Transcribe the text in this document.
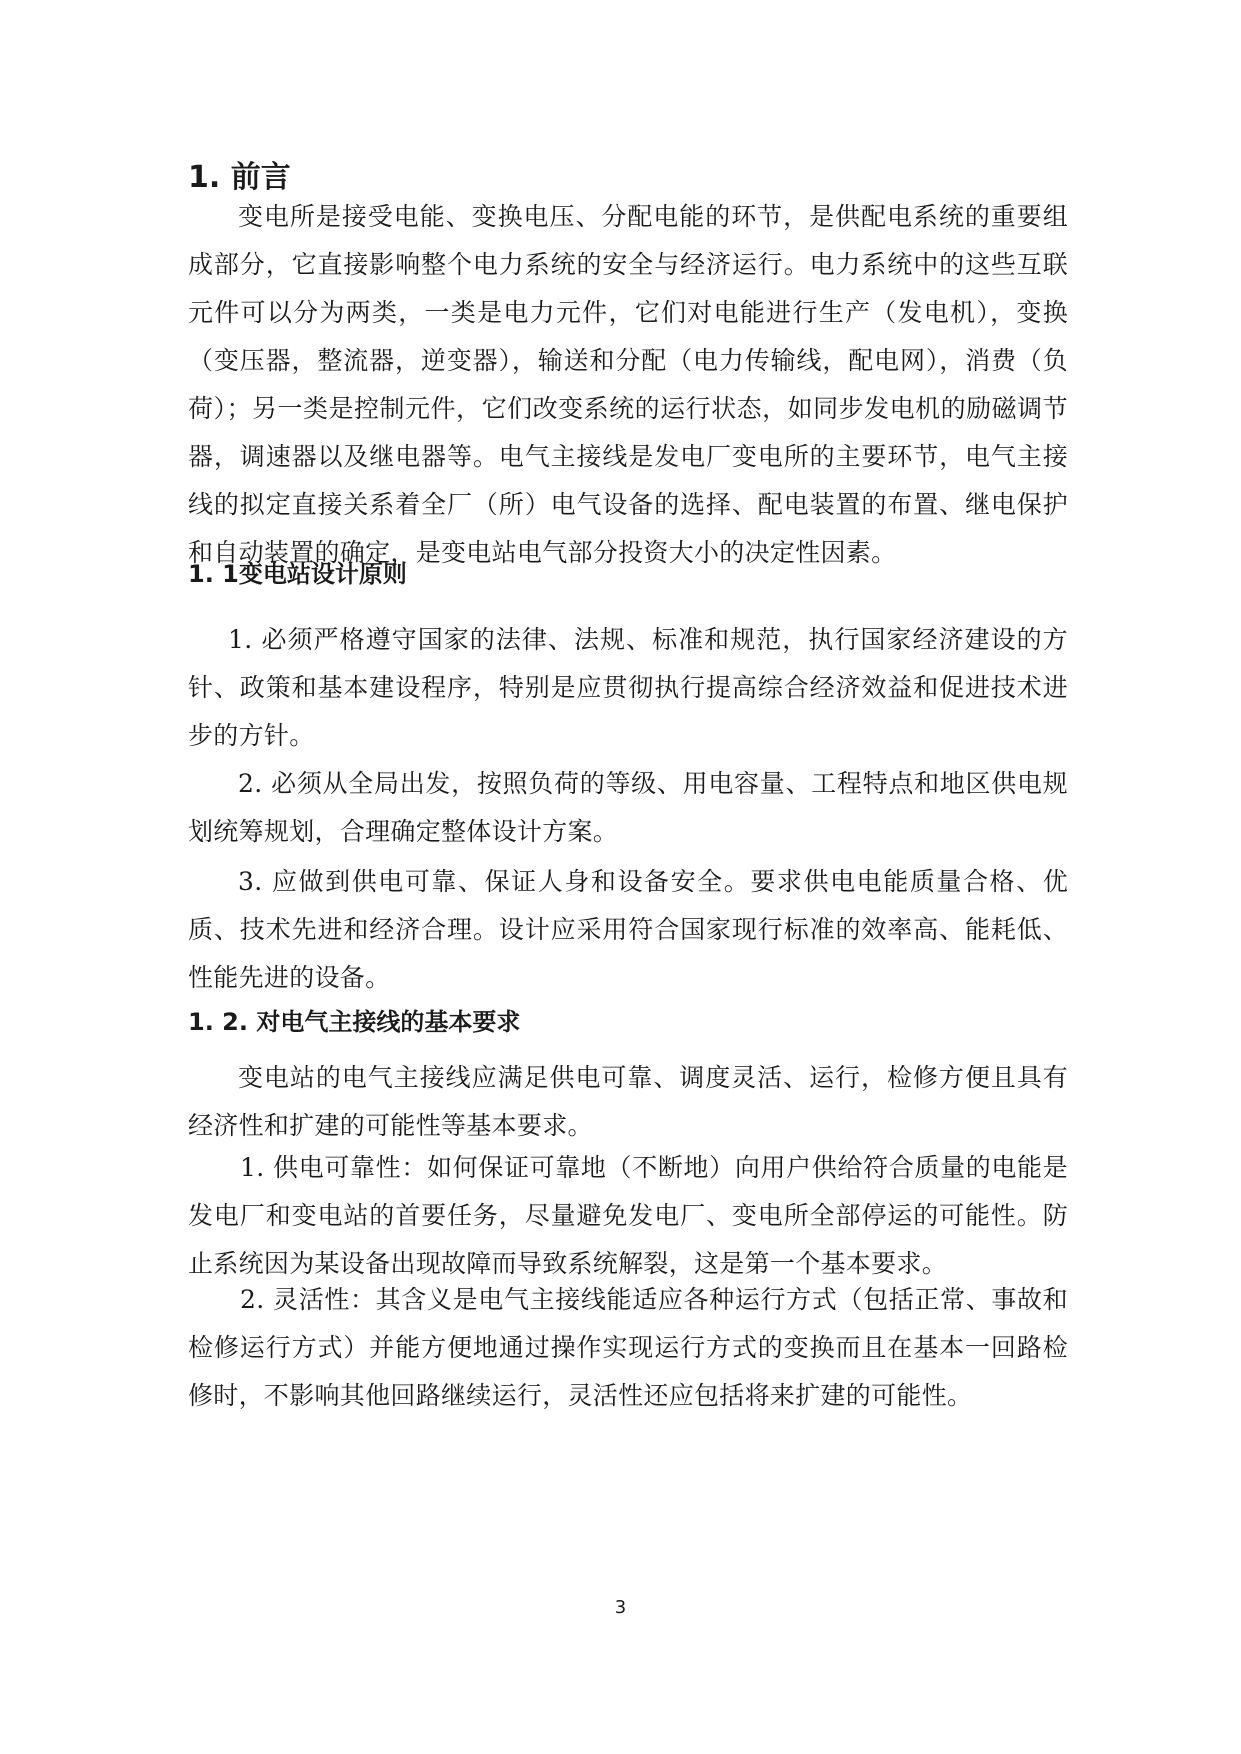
1. 前言

变电所是接受电能、变换电压、分配电能的环节，是供配电系统的重要组成部分，它直接影响整个电力系统的安全与经济运行。电力系统中的这些互联元件可以分为两类，一类是电力元件，它们对电能进行生产（发电机），变换（变压器，整流器，逆变器），输送和分配（电力传输线，配电网），消费（负荷）；另一类是控制元件，它们改变系统的运行状态，如同步发电机的励磁调节器，调速器以及继电器等。电气主接线是发电厂变电所的主要环节，电气主接线的拟定直接关系着全厂（所）电气设备的选择、配电装置的布置、继电保护和自动装置的确定，是变电站电气部分投资大小的决定性因素。

1. 1变电站设计原则

1. 必须严格遵守国家的法律、法规、标准和规范，执行国家经济建设的方针、政策和基本建设程序，特别是应贯彻执行提高综合经济效益和促进技术进步的方针。

2. 必须从全局出发，按照负荷的等级、用电容量、工程特点和地区供电规划统筹规划，合理确定整体设计方案。

3. 应做到供电可靠、保证人身和设备安全。要求供电电能质量合格、优质、技术先进和经济合理。设计应采用符合国家现行标准的效率高、能耗低、性能先进的设备。

1. 2. 对电气主接线的基本要求

变电站的电气主接线应满足供电可靠、调度灵活、运行，检修方便且具有经济性和扩建的可能性等基本要求。

1. 供电可靠性：如何保证可靠地（不断地）向用户供给符合质量的电能是发电厂和变电站的首要任务，尽量避免发电厂、变电所全部停运的可能性。防止系统因为某设备出现故障而导致系统解裂，这是第一个基本要求。

2. 灵活性：其含义是电气主接线能适应各种运行方式（包括正常、事故和检修运行方式）并能方便地通过操作实现运行方式的变换而且在基本一回路检修时，不影响其他回路继续运行，灵活性还应包括将来扩建的可能性。

3
